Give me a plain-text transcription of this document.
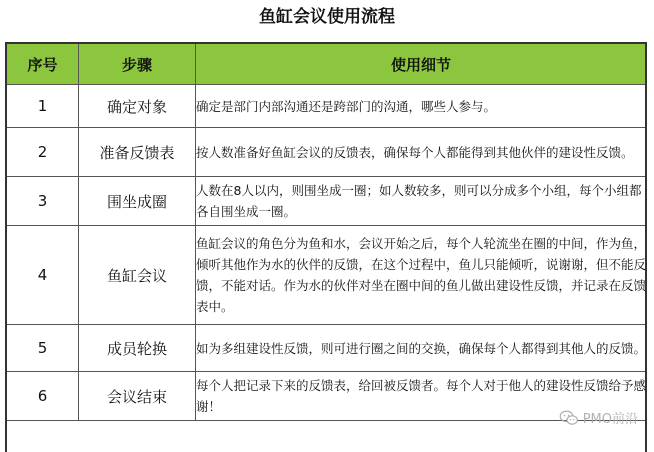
鱼缸会议使用流程
序号	步骤	使用细节
1	确定对象	确定是部门内部沟通还是跨部门的沟通，哪些人参与。
2	准备反馈表	按人数准备好鱼缸会议的反馈表，确保每个人都能得到其他伙伴的建设性反馈。
3	围坐成圈	人数在8人以内，则围坐成一圈；如人数较多，则可以分成多个小组，每个小组都各自围坐成一圈。
4	鱼缸会议	鱼缸会议的角色分为鱼和水，会议开始之后，每个人轮流坐在圈的中间，作为鱼，倾听其他作为水的伙伴的反馈，在这个过程中，鱼儿只能倾听，说谢谢，但不能反馈，不能对话。作为水的伙伴对坐在圈中间的鱼儿做出建设性反馈，并记录在反馈表中。
5	成员轮换	如为多组建设性反馈，则可进行圈之间的交换，确保每个人都得到其他人的反馈。
6	会议结束	每个人把记录下来的反馈表，给回被反馈者。每个人对于他人的建设性反馈给予感谢！
PMO前沿
